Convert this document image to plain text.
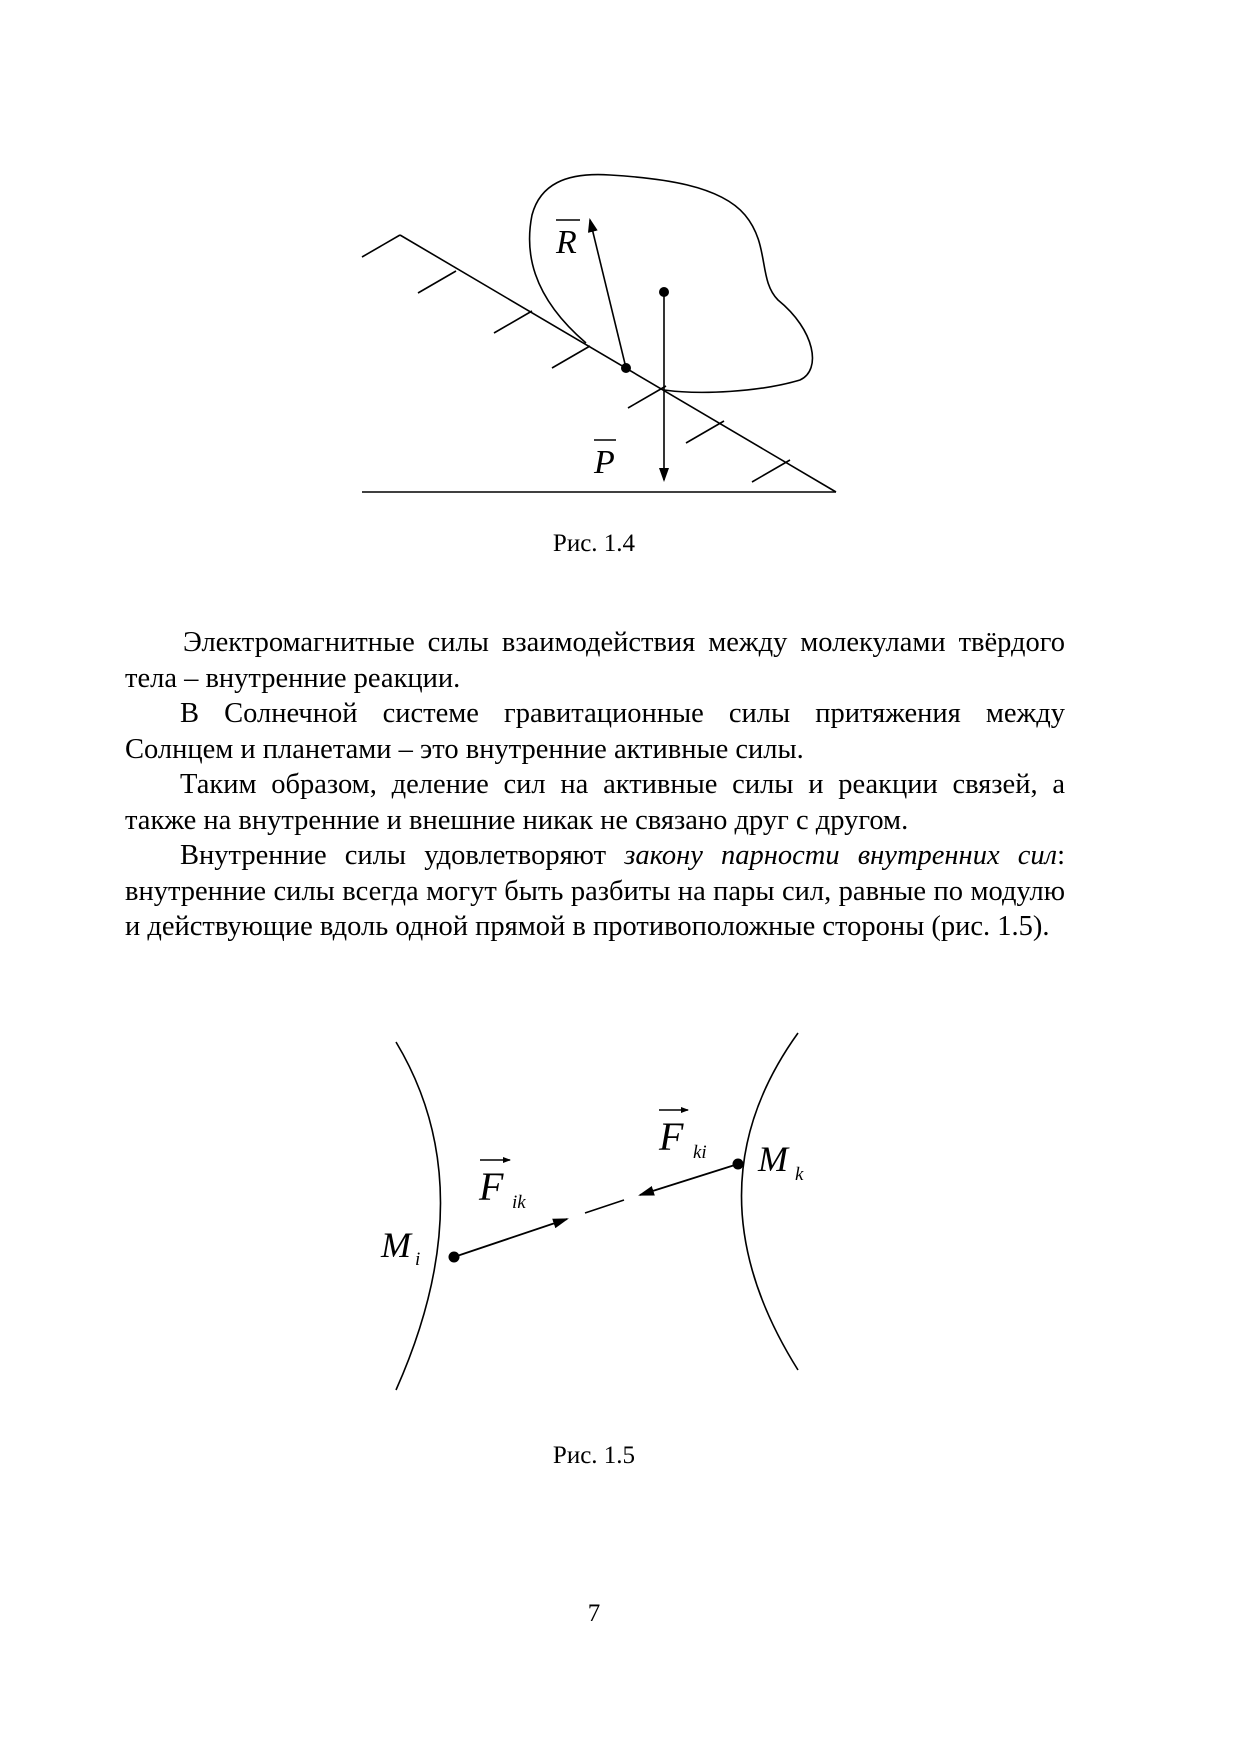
R
P
Рис. 1.4

Электромагнитные силы взаимодействия между молекулами твёрдого тела – внутренние реакции.

В Солнечной системе гравитационные силы притяжения между Солнцем и планетами – это внутренние активные силы.

Таким образом, деление сил на активные силы и реакции связей, а также на внутренние и внешние никак не связано друг с другом.

Внутренние силы удовлетворяют закону парности внутренних сил: внутренние силы всегда могут быть разбиты на пары сил, равные по модулю и действующие вдоль одной прямой в противоположные стороны (рис. 1.5).

M i
M k
F ik
F ki
Рис. 1.5
7
